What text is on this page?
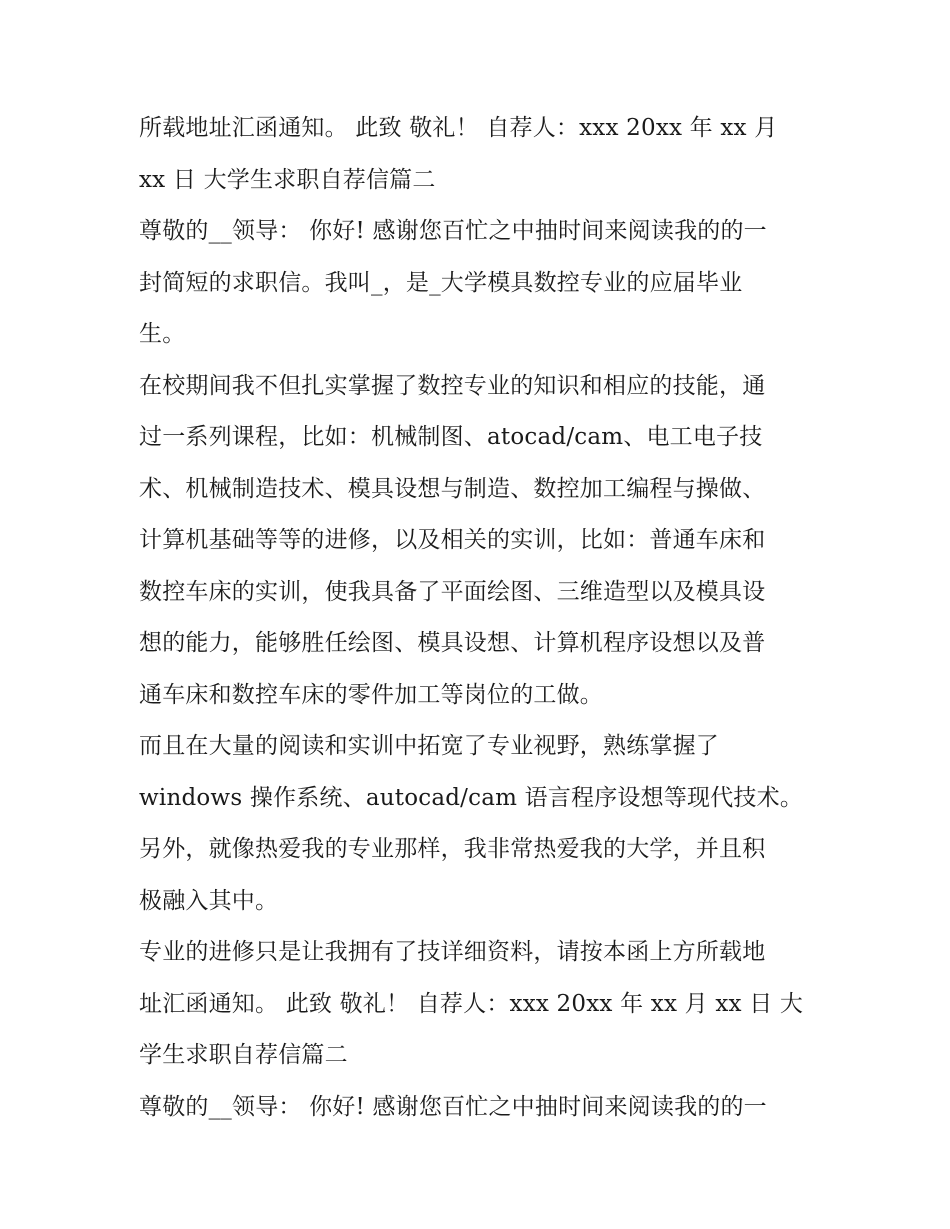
所载地址汇函通知。 此致 敬礼！ 自荐人：xxx 20xx 年 xx 月
xx 日 大学生求职自荐信篇二
尊敬的__领导： 你好! 感谢您百忙之中抽时间来阅读我的的一
封简短的求职信。我叫_，是_大学模具数控专业的应届毕业
生。
在校期间我不但扎实掌握了数控专业的知识和相应的技能，通
过一系列课程，比如：机械制图、atocad/cam、电工电子技
术、机械制造技术、模具设想与制造、数控加工编程与操做、
计算机基础等等的进修，以及相关的实训，比如：普通车床和
数控车床的实训，使我具备了平面绘图、三维造型以及模具设
想的能力，能够胜任绘图、模具设想、计算机程序设想以及普
通车床和数控车床的零件加工等岗位的工做。
而且在大量的阅读和实训中拓宽了专业视野，熟练掌握了
windows 操作系统、autocad/cam 语言程序设想等现代技术。
另外，就像热爱我的专业那样，我非常热爱我的大学，并且积
极融入其中。
专业的进修只是让我拥有了技详细资料，请按本函上方所载地
址汇函通知。 此致 敬礼！ 自荐人：xxx 20xx 年 xx 月 xx 日 大
学生求职自荐信篇二
尊敬的__领导： 你好! 感谢您百忙之中抽时间来阅读我的的一
